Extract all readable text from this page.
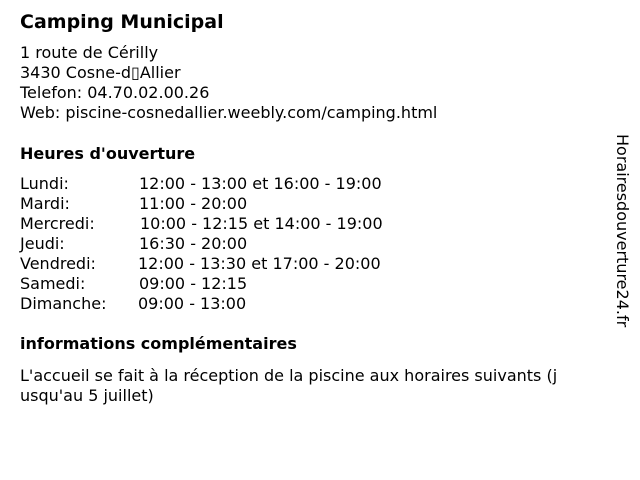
Camping Municipal
1 route de Cérilly
3430 Cosne-d▯Allier
Telefon: 04.70.02.00.26
Web: piscine-cosnedallier.weebly.com/camping.html
Heures d'ouverture
Lundi:	12:00 - 13:00 et 16:00 - 19:00
Mardi:	11:00 - 20:00
Mercredi:	10:00 - 12:15 et 14:00 - 19:00
Jeudi:	16:30 - 20:00
Vendredi:	12:00 - 13:30 et 17:00 - 20:00
Samedi:	09:00 - 12:15
Dimanche: 09:00 - 13:00
informations complémentaires
L'accueil se fait à la réception de la piscine aux horaires suivants (jusqu'au 5 juillet)
Horairesdouverture24.fr
